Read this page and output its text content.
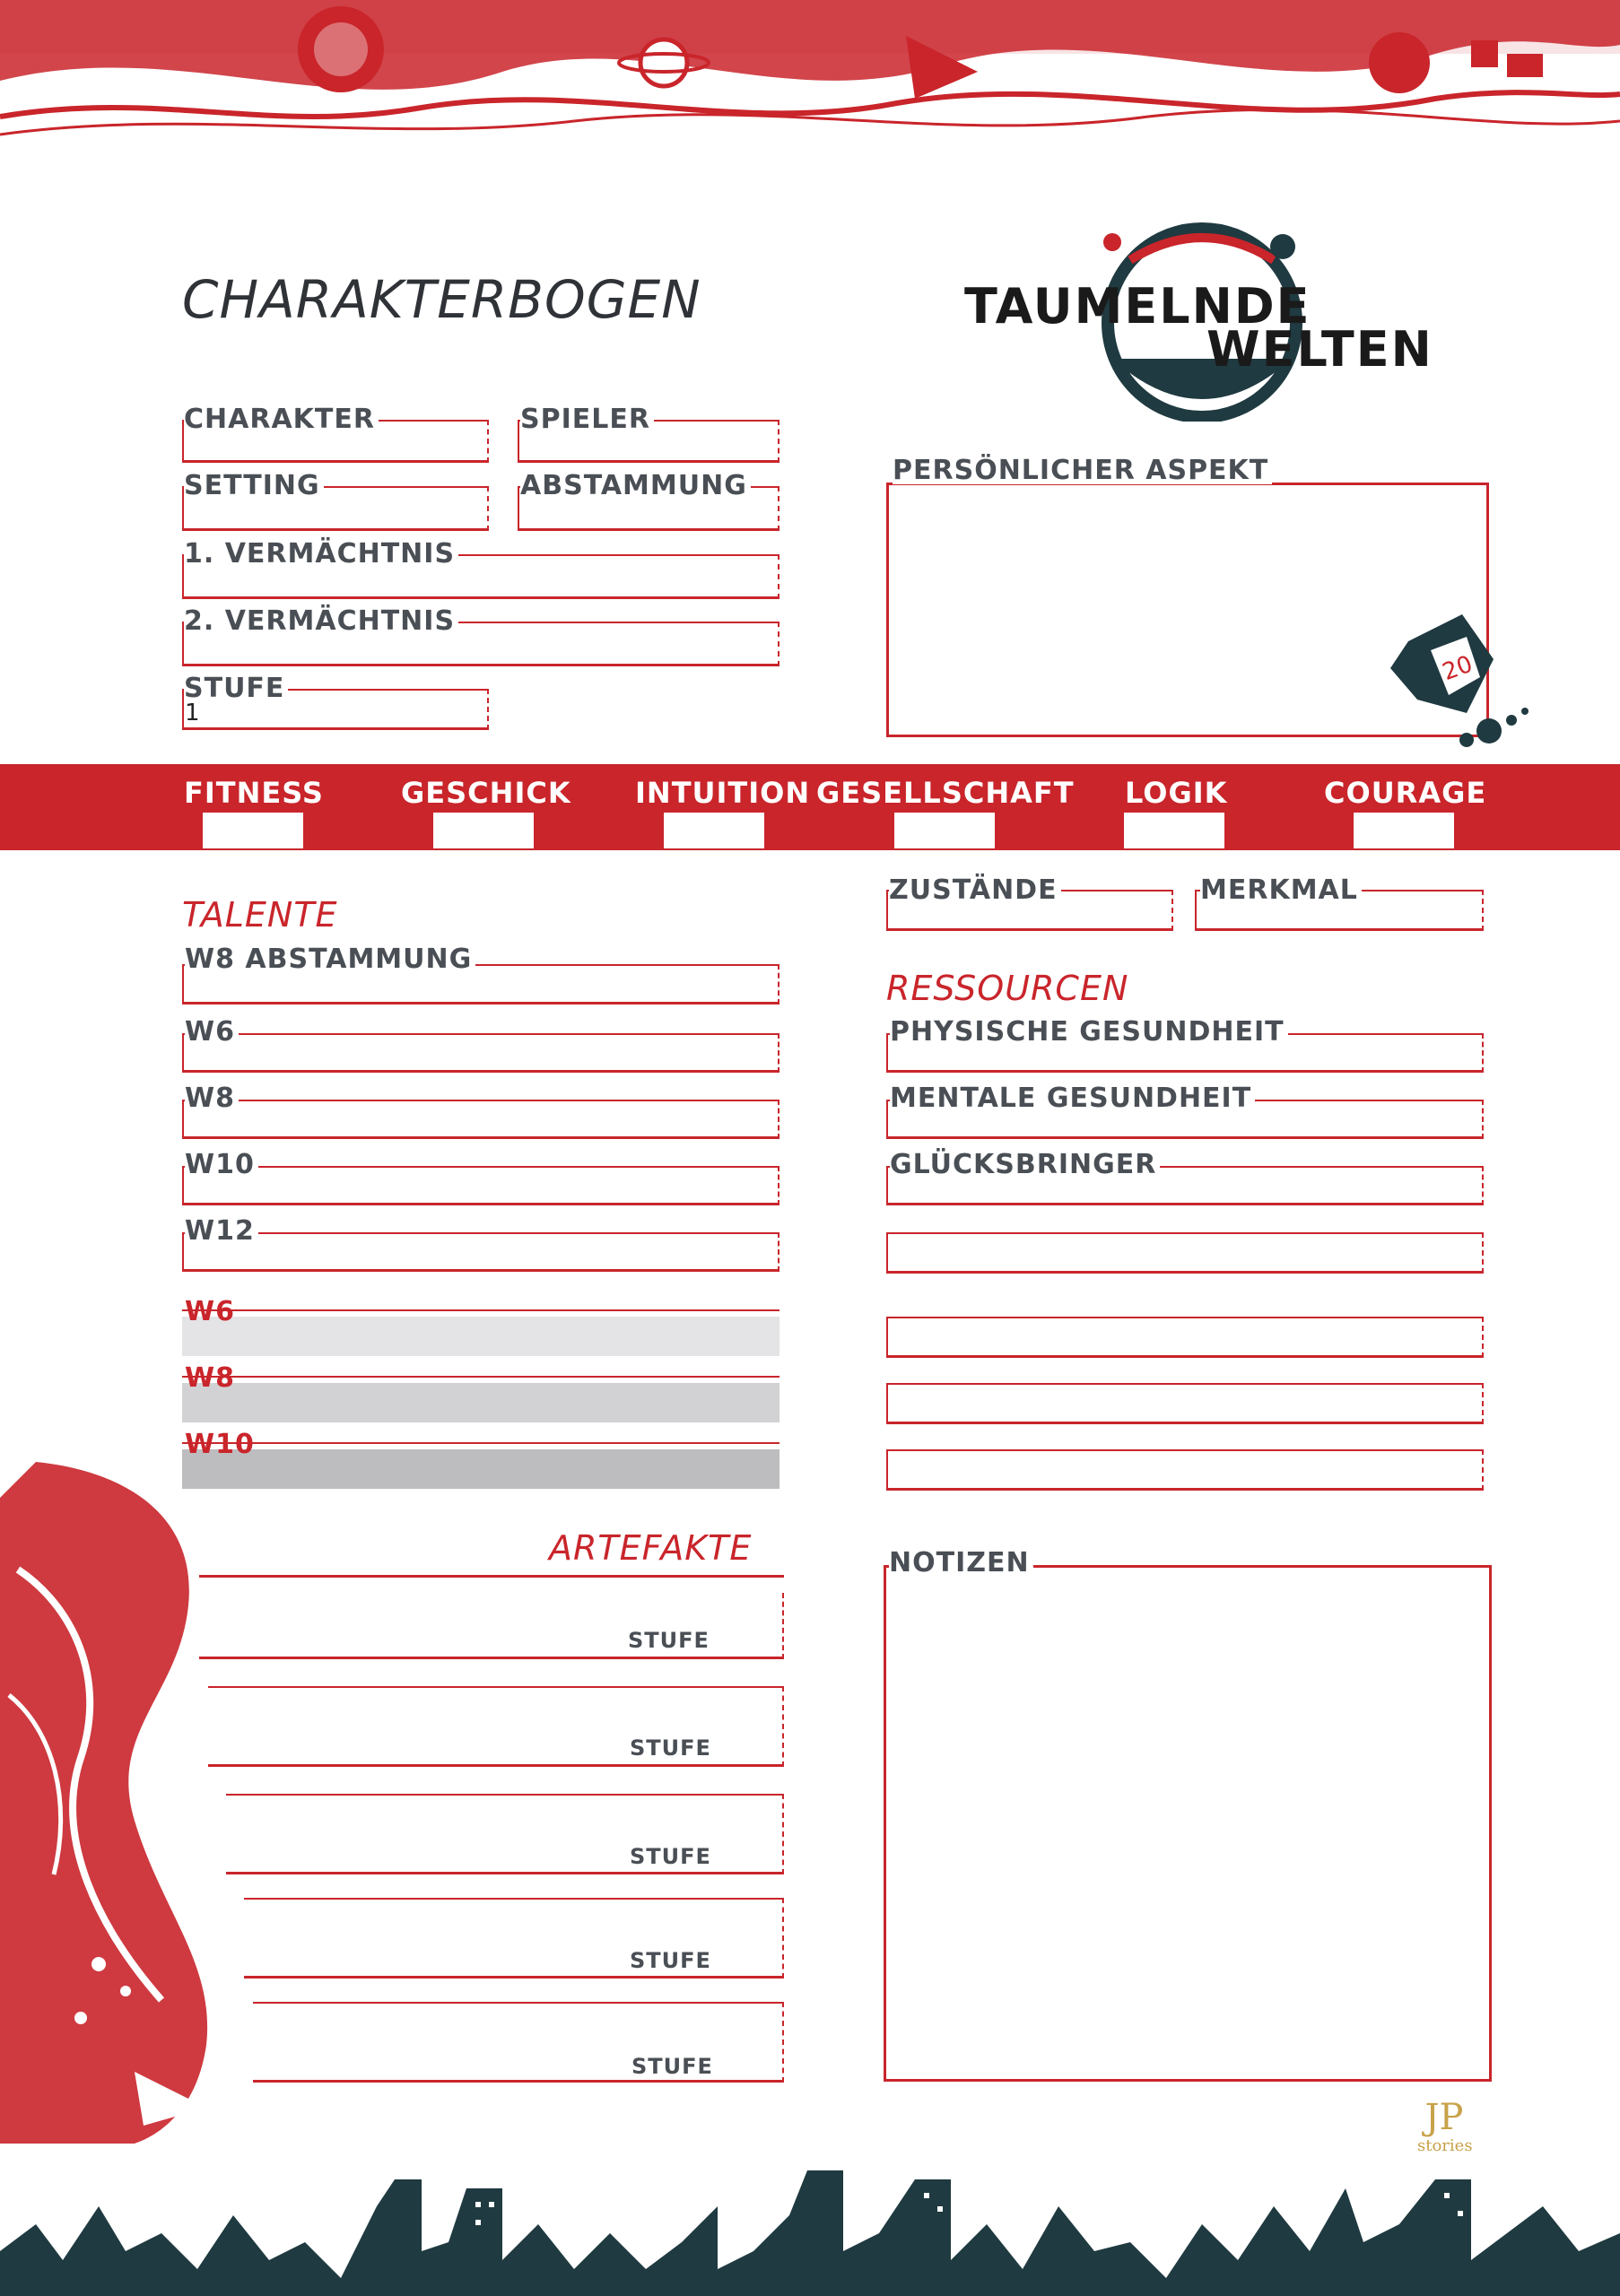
CHARAKTERBOGEN	TAUMELNDE
WELTEN
CHARAKTER	SPIELER
SETTING	ABSTAMMUNG
1. VERMÄCHTNIS
2. VERMÄCHTNIS
STUFE
1
PERSÖNLICHER ASPEKT
20
FITNESS	GESCHICK INTUITION GESELLSCHAFT LOGIK	COURAGE
TALENTE
W8 ABSTAMMUNG
W6
W8
W10
W12
W6
W8
W10
ZUSTÄNDE	MERKMAL
RESSOURCEN
PHYSISCHE GESUNDHEIT
MENTALE GESUNDHEIT
GLÜCKSBRINGER
ARTEFAKTE
STUFE
STUFE
STUFE
STUFE
STUFE
NOTIZEN
JP
stories
